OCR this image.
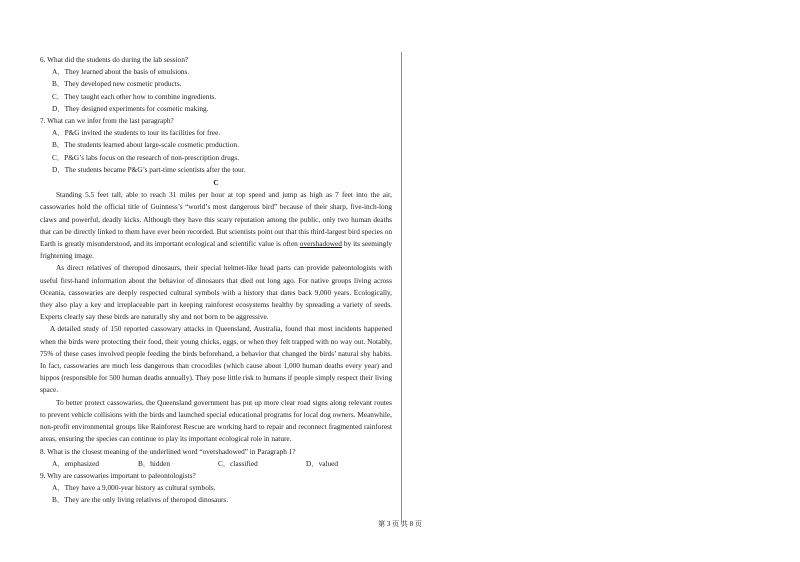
6. What did the students do during the lab session?

A．They learned about the basis of emulsions.

B．They developed new cosmetic products.

C．They taught each other how to combine ingredients.

D．They designed experiments for cosmetic making.

7. What can we infer from the last paragraph?

A．P&G invited the students to tour its facilities for free.

B．The students learned about large-scale cosmetic production.

C．P&G’s labs focus on the research of non-prescription drugs.

D．The students became P&G’s part-time scientists after the tour.

C

Standing 5.5 feet tall, able to reach 31 miles per hour at top speed and jump as high as 7 feet into the air, cassowaries hold the official title of Guinness’s “world’s most dangerous bird” because of their sharp, five-inch-long claws and powerful, deadly kicks. Although they have this scary reputation among the public, only two human deaths that can be directly linked to them have ever been recorded. But scientists point out that this third-largest bird species on Earth is greatly misunderstood, and its important ecological and scientific value is often overshadowed by its seemingly frightening image.

As direct relatives of theropod dinosaurs, their special helmet-like head parts can provide paleontologists with useful first-hand information about the behavior of dinosaurs that died out long ago. For native groups living across Oceania, cassowaries are deeply respected cultural symbols with a history that dates back 9,000 years. Ecologically, they also play a key and irreplaceable part in keeping rainforest ecosystems healthy by spreading a variety of seeds. Experts clearly say these birds are naturally shy and not born to be aggressive.

A detailed study of 150 reported cassowary attacks in Queensland, Australia, found that most incidents happened when the birds were protecting their food, their young chicks, eggs, or when they felt trapped with no way out. Notably, 75% of these cases involved people feeding the birds beforehand, a behavior that changed the birds’ natural shy habits. In fact, cassowaries are much less dangerous than crocodiles (which cause about 1,000 human deaths every year) and hippos (responsible for 500 human deaths annually). They pose little risk to humans if people simply respect their living space.

To better protect cassowaries, the Queensland government has put up more clear road signs along relevant routes to prevent vehicle collisions with the birds and launched special educational programs for local dog owners. Meanwhile, non-profit environmental groups like Rainforest Rescue are working hard to repair and reconnect fragmented rainforest areas, ensuring the species can continue to play its important ecological role in nature.

8. What is the closest meaning of the underlined word “overshadowed” in Paragraph 1?

A．emphasized	B．hidden	C．classified	D．valued

9. Why are cassowaries important to paleontologists?

A．They have a 9,000-year history as cultural symbols.

B．They are the only living relatives of theropod dinosaurs.

第 3 页 共 8 页
